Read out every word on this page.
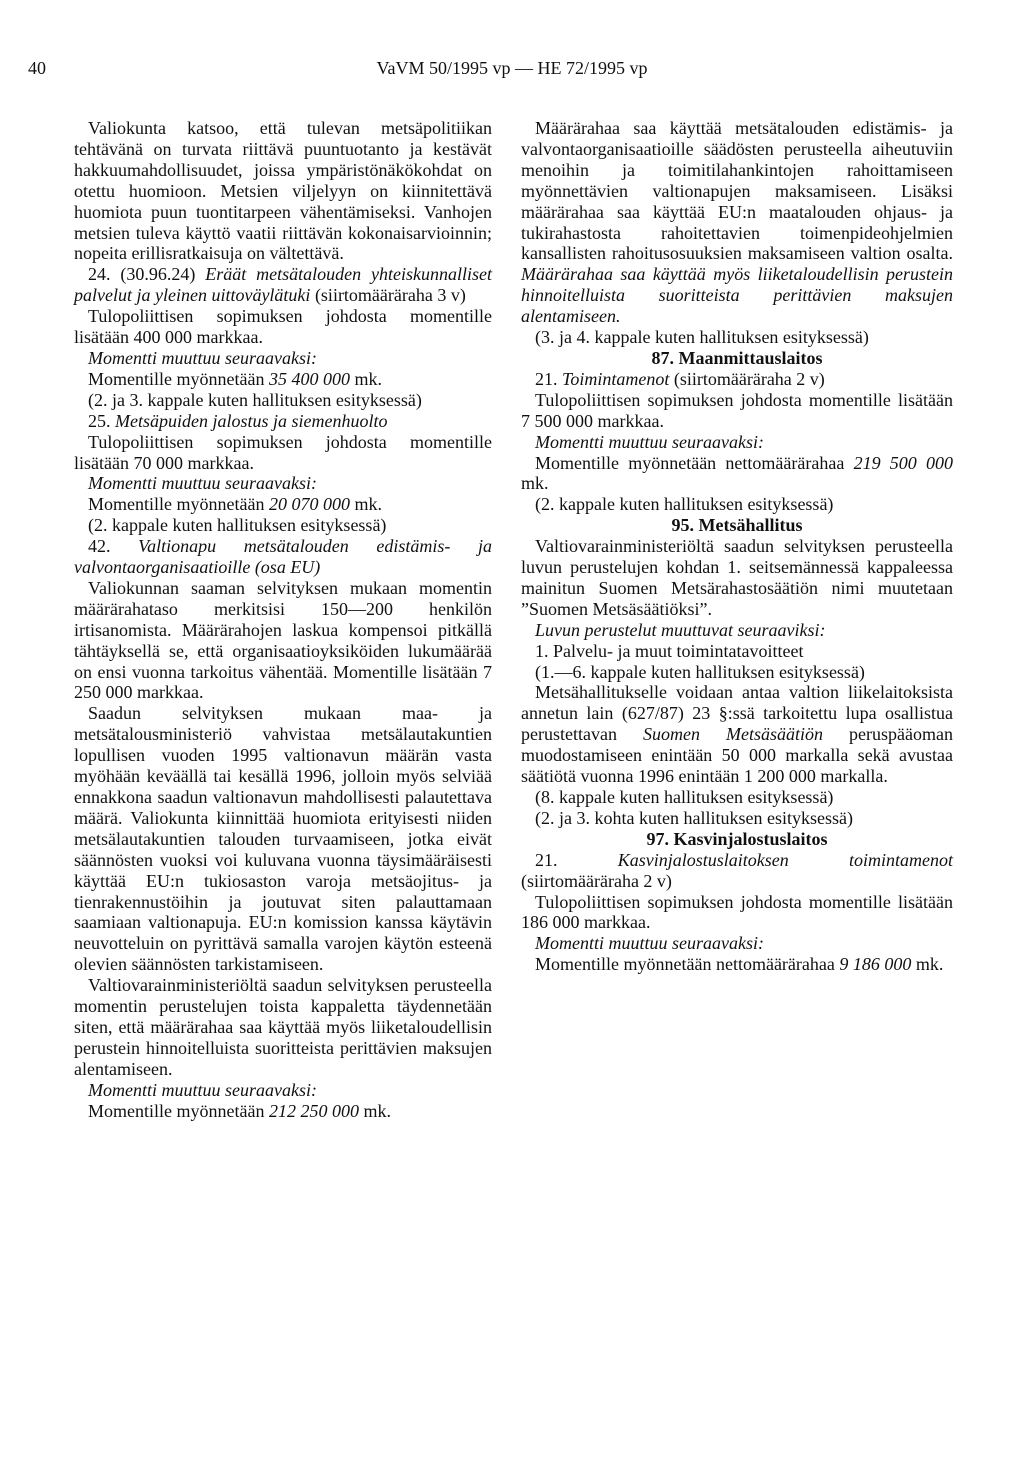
40	VaVM 50/1995 vp — HE 72/1995 vp

Valiokunta katsoo, että tulevan metsäpolitiikan tehtävänä on turvata riittävä puuntuotanto ja kestävät hakkuumahdollisuudet, joissa ympäristönäkökohdat on otettu huomioon. Metsien viljelyyn on kiinnitettävä huomiota puun tuontitarpeen vähentämiseksi. Vanhojen metsien tuleva käyttö vaatii riittävän kokonaisarvioinnin; nopeita erillisratkaisuja on vältettävä.

24. (30.96.24) Eräät metsätalouden yhteiskunnalliset palvelut ja yleinen uittoväylätuki (siirtomääräraha 3 v)

Tulopoliittisen sopimuksen johdosta momentille lisätään 400 000 markkaa.

Momentti muuttuu seuraavaksi:

Momentille myönnetään 35 400 000 mk.

(2. ja 3. kappale kuten hallituksen esityksessä)

25. Metsäpuiden jalostus ja siemenhuolto

Tulopoliittisen sopimuksen johdosta momentille lisätään 70 000 markkaa.

Momentti muuttuu seuraavaksi:

Momentille myönnetään 20 070 000 mk.

(2. kappale kuten hallituksen esityksessä)

42. Valtionapu metsätalouden edistämis- ja valvontaorganisaatioille (osa EU)

Valiokunnan saaman selvityksen mukaan momentin määrärahataso merkitsisi 150—200 henkilön irtisanomista. Määrärahojen laskua kompensoi pitkällä tähtäyksellä se, että organisaatioyksiköiden lukumäärää on ensi vuonna tarkoitus vähentää. Momentille lisätään 7 250 000 markkaa.

Saadun selvityksen mukaan maa- ja metsätalousministeriö vahvistaa metsälautakuntien lopullisen vuoden 1995 valtionavun määrän vasta myöhään keväällä tai kesällä 1996, jolloin myös selviää ennakkona saadun valtionavun mahdollisesti palautettava määrä. Valiokunta kiinnittää huomiota erityisesti niiden metsälautakuntien talouden turvaamiseen, jotka eivät säännösten vuoksi voi kuluvana vuonna täysimääräisesti käyttää EU:n tukiosaston varoja metsäojitus- ja tienrakennustöihin ja joutuvat siten palauttamaan saamiaan valtionapuja. EU:n komission kanssa käytävin neuvotteluin on pyrittävä samalla varojen käytön esteenä olevien säännösten tarkistamiseen.

Valtiovarainministeriöltä saadun selvityksen perusteella momentin perustelujen toista kappaletta täydennetään siten, että määrärahaa saa käyttää myös liiketaloudellisin perustein hinnoitelluista suoritteista perittävien maksujen alentamiseen.

Momentti muuttuu seuraavaksi:

Momentille myönnetään 212 250 000 mk.

Määrärahaa saa käyttää metsätalouden edistämis- ja valvontaorganisaatioille säädösten perusteella aiheutuviin menoihin ja toimitilahankintojen rahoittamiseen myönnettävien valtionapujen maksamiseen. Lisäksi määrärahaa saa käyttää EU:n maatalouden ohjaus- ja tukirahastosta rahoitettavien toimenpideohjelmien kansallisten rahoitusosuuksien maksamiseen valtion osalta. Määrärahaa saa käyttää myös liiketaloudellisin perustein hinnoitelluista suoritteista perittävien maksujen alentamiseen.

(3. ja 4. kappale kuten hallituksen esityksessä)

87. Maanmittauslaitos

21. Toimintamenot (siirtomääräraha 2 v)

Tulopoliittisen sopimuksen johdosta momentille lisätään 7 500 000 markkaa.

Momentti muuttuu seuraavaksi:

Momentille myönnetään nettomäärärahaa 219 500 000 mk.

(2. kappale kuten hallituksen esityksessä)

95. Metsähallitus

Valtiovarainministeriöltä saadun selvityksen perusteella luvun perustelujen kohdan 1. seitsemännessä kappaleessa mainitun Suomen Metsärahastosäätiön nimi muutetaan ”Suomen Metsäsäätiöksi”.

Luvun perustelut muuttuvat seuraaviksi:

1. Palvelu- ja muut toimintatavoitteet

(1.—6. kappale kuten hallituksen esityksessä)

Metsähallitukselle voidaan antaa valtion liikelaitoksista annetun lain (627/87) 23 §:ssä tarkoitettu lupa osallistua perustettavan Suomen Metsäsäätiön peruspääoman muodostamiseen enintään 50 000 markalla sekä avustaa säätiötä vuonna 1996 enintään 1 200 000 markalla.

(8. kappale kuten hallituksen esityksessä)

(2. ja 3. kohta kuten hallituksen esityksessä)

97. Kasvinjalostuslaitos

21.	Kasvinjalostuslaitoksen toimintamenot (siirtomääräraha 2 v)

Tulopoliittisen sopimuksen johdosta momentille lisätään 186 000 markkaa.

Momentti muuttuu seuraavaksi:

Momentille myönnetään nettomäärärahaa 9 186 000 mk.
